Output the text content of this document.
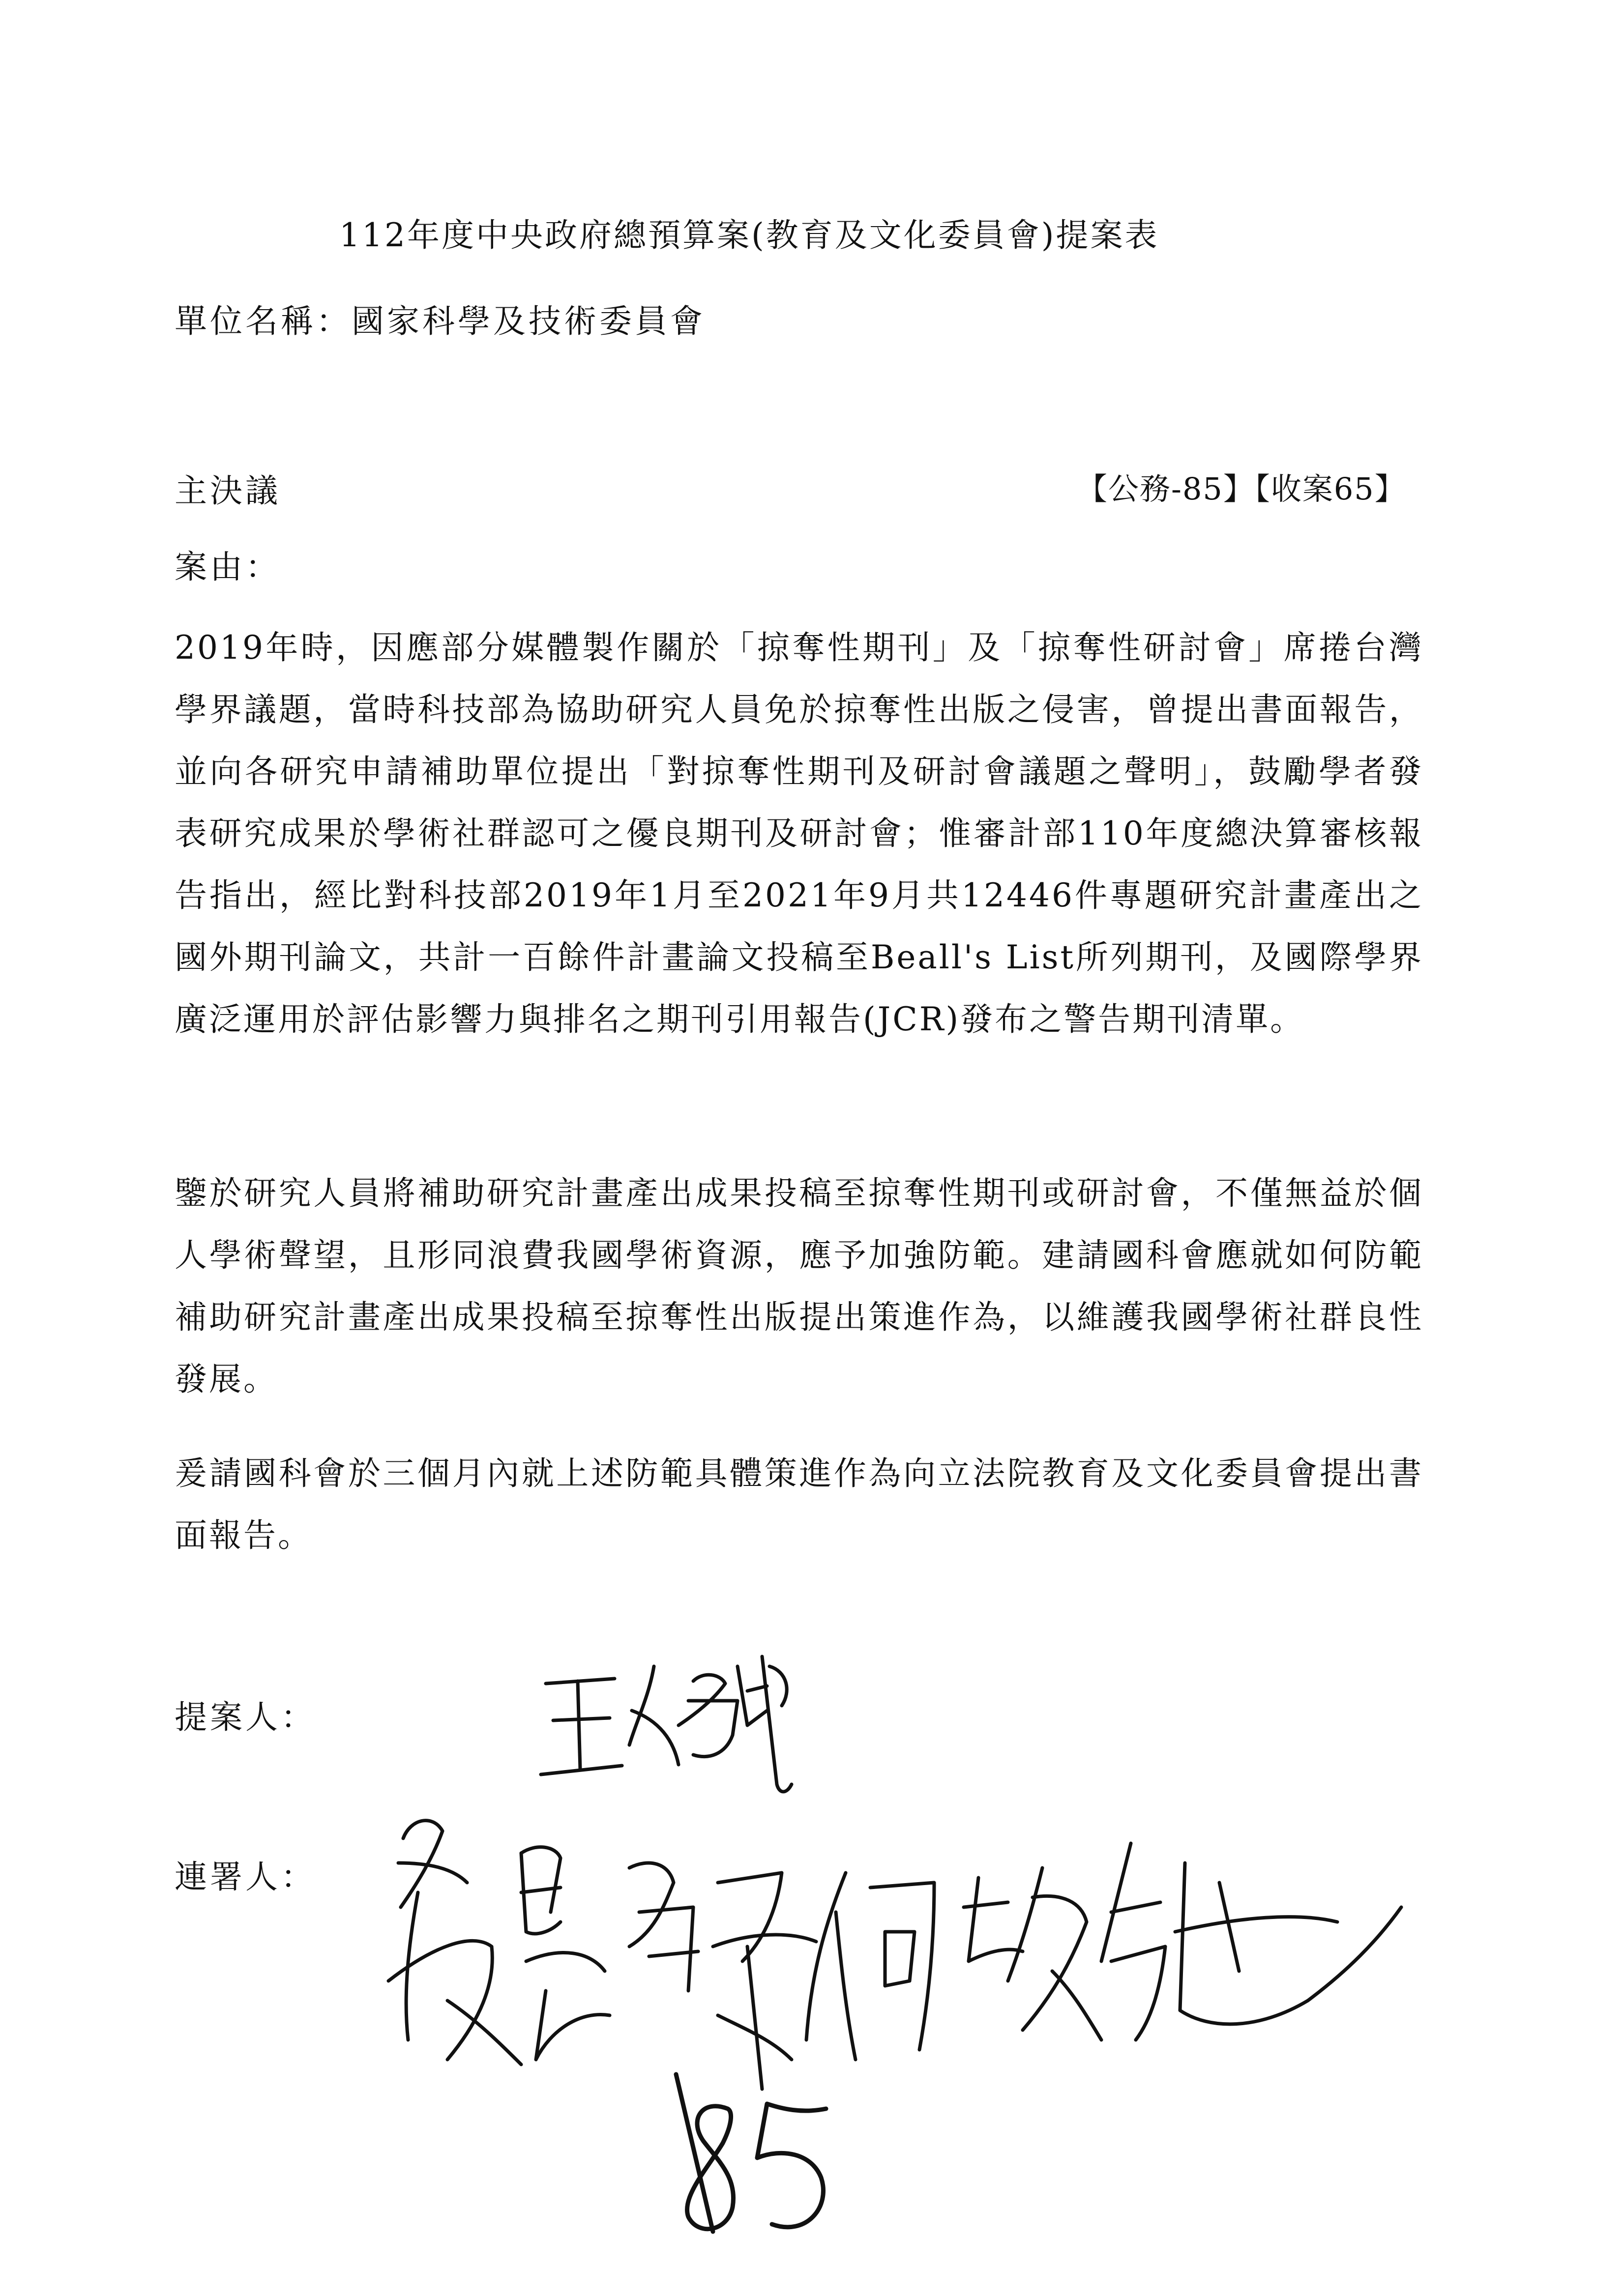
112年度中央政府總預算案(教育及文化委員會)提案表
單位名稱：國家科學及技術委員會
主決議	【公務-85】【收案65】
案由：

2019年時，因應部分媒體製作關於「掠奪性期刊」及「掠奪性研討會」席捲台灣學界議題，當時科技部為協助研究人員免於掠奪性出版之侵害，曾提出書面報告，並向各研究申請補助單位提出「對掠奪性期刊及研討會議題之聲明」，鼓勵學者發表研究成果於學術社群認可之優良期刊及研討會；惟審計部110年度總決算審核報告指出，經比對科技部2019年1月至2021年9月共12446件專題研究計畫產出之國外期刊論文，共計一百餘件計畫論文投稿至Beall's List所列期刊，及國際學界廣泛運用於評估影響力與排名之期刊引用報告(JCR)發布之警告期刊清單。

鑒於研究人員將補助研究計畫產出成果投稿至掠奪性期刊或研討會，不僅無益於個人學術聲望，且形同浪費我國學術資源，應予加強防範。建請國科會應就如何防範補助研究計畫產出成果投稿至掠奪性出版提出策進作為，以維護我國學術社群良性發展。

爰請國科會於三個月內就上述防範具體策進作為向立法院教育及文化委員會提出書面報告。

提案人：
連署人：
